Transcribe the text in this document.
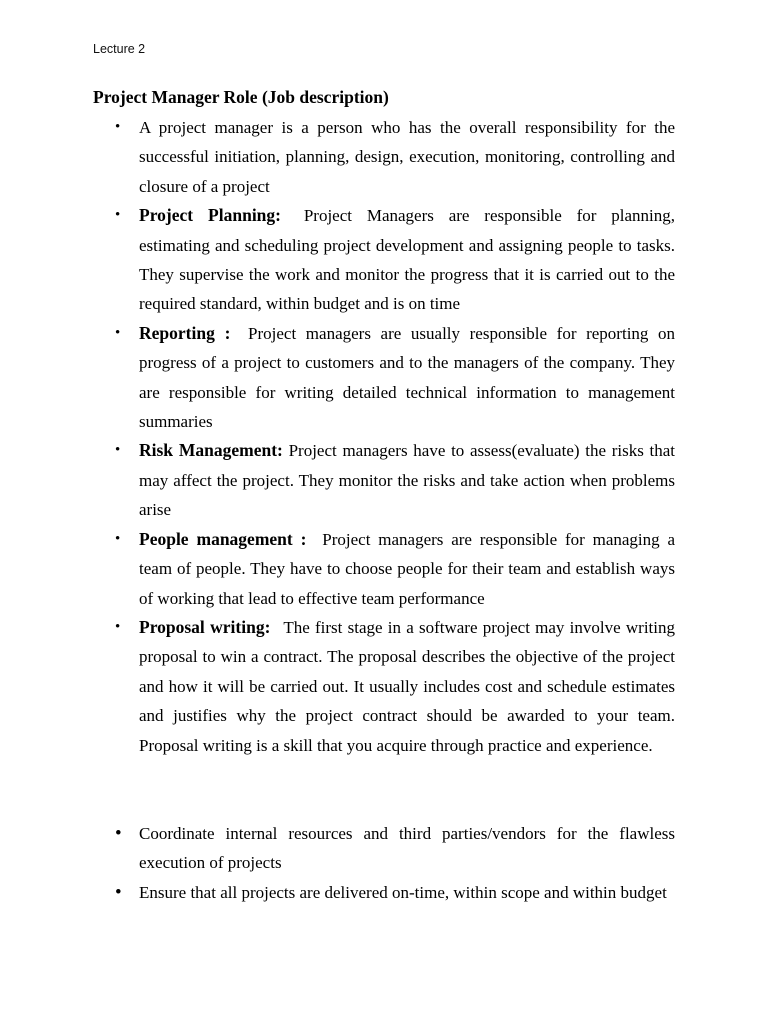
Lecture 2
Project Manager Role (Job description)
•	A project manager is a person who has the overall responsibility for the successful initiation, planning, design, execution, monitoring, controlling and closure of a project
•	Project Planning: Project Managers are responsible for planning, estimating and scheduling project development and assigning people to tasks. They supervise the work and monitor the progress that it is carried out to the required standard, within budget and is on time
•	Reporting : Project managers are usually responsible for reporting on progress of a project to customers and to the managers of the company. They are responsible for writing detailed technical information to management summaries
•	Risk Management: Project managers have to assess(evaluate) the risks that may affect the project. They monitor the risks and take action when problems arise
•	People management : Project managers are responsible for managing a team of people. They have to choose people for their team and establish ways of working that lead to effective team performance
•	Proposal writing: The first stage in a software project may involve writing proposal to win a contract. The proposal describes the objective of the project and how it will be carried out. It usually includes cost and schedule estimates and justifies why the project contract should be awarded to your team. Proposal writing is a skill that you acquire through practice and experience.
•	Coordinate internal resources and third parties/vendors for the flawless execution of projects
•	Ensure that all projects are delivered on-time, within scope and within budget
